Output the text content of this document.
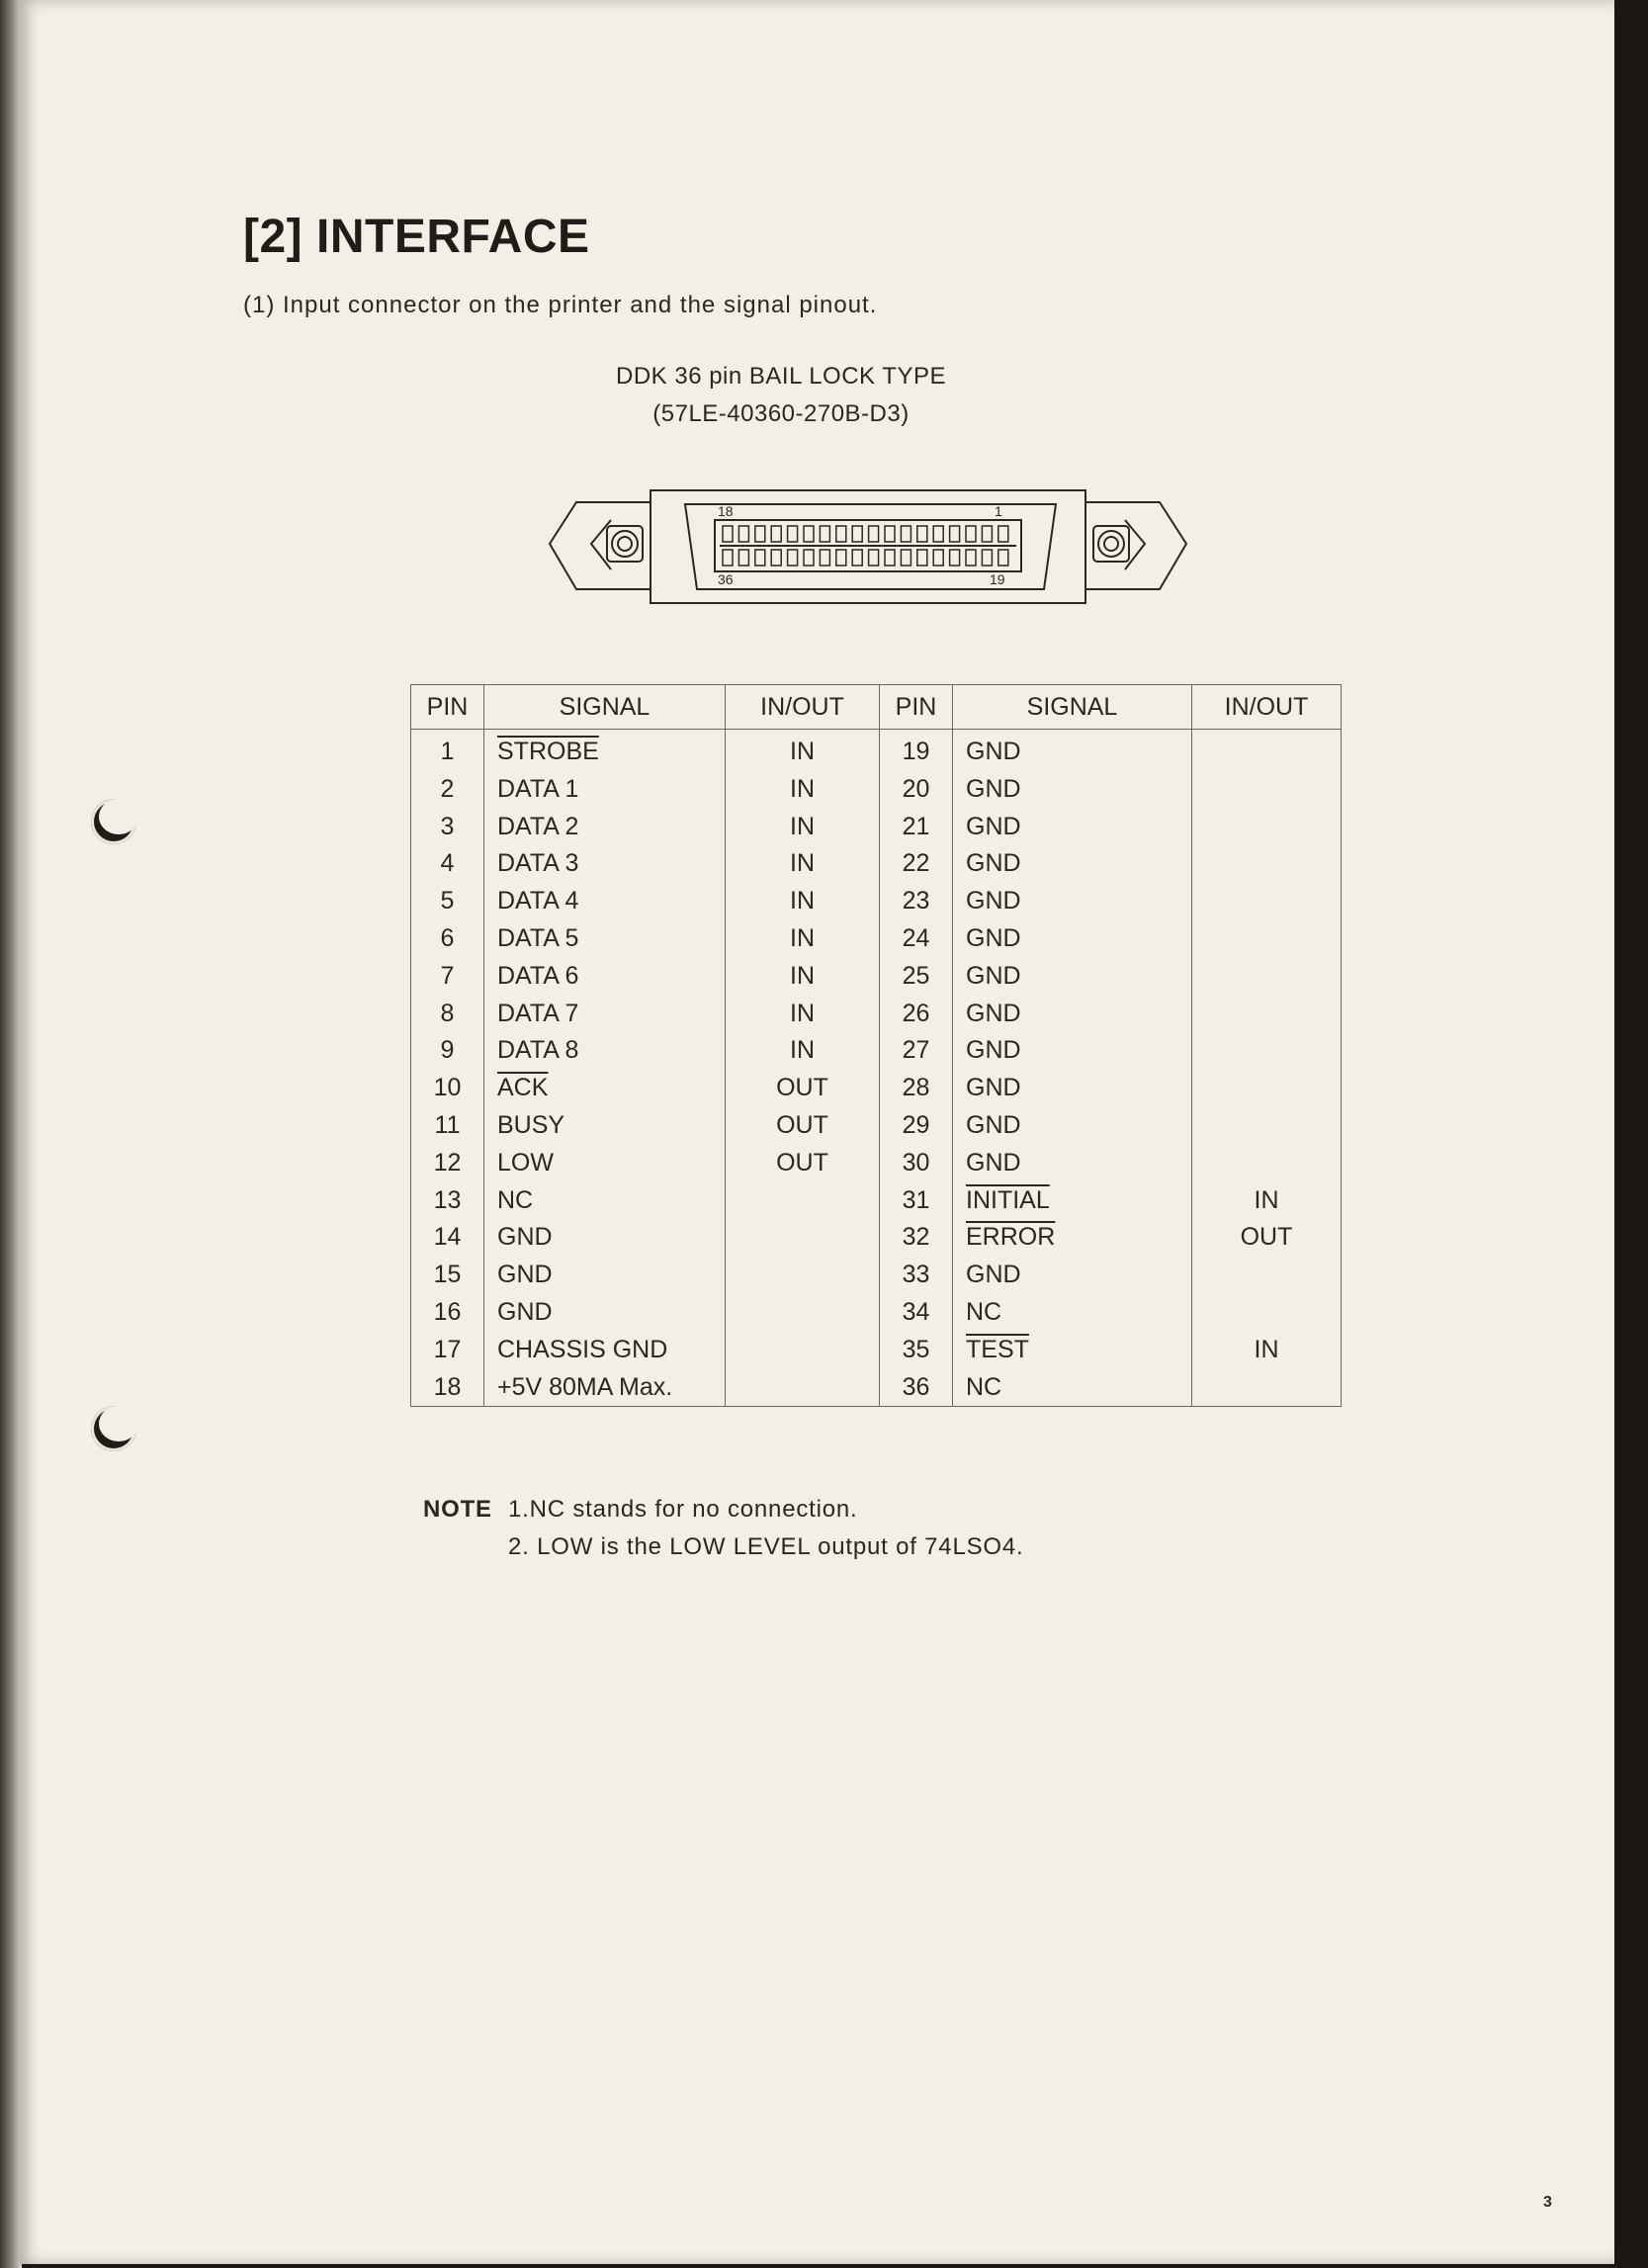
[2] INTERFACE
(1) Input connector on the printer and the signal pinout.
DDK 36 pin BAIL LOCK TYPE
(57LE-40360-270B-D3)
18	1
36	19
PIN	SIGNAL	IN/OUT	PIN	SIGNAL	IN/OUT
1	STROBE	IN	19	GND	
2	DATA 1	IN	20	GND	
3	DATA 2	IN	21	GND	
4	DATA 3	IN	22	GND	
5	DATA 4	IN	23	GND	
6	DATA 5	IN	24	GND	
7	DATA 6	IN	25	GND	
8	DATA 7	IN	26	GND	
9	DATA 8	IN	27	GND	
10	$\overline{ACK}$	OUT	28	GND	
11	BUSY	OUT	29	GND	
12	LOW	OUT	30	GND	
13	NC		31	INITIAL	IN
14	GND		32	ERROR	OUT
15	GND		33	GND	
16	GND		34	NC	
17	CHASSIS GND		35	TEST	IN
18	+5V 80MA Max.		36	NC	
NOTE 1.NC stands for no connection.
2. LOW is the LOW LEVEL output of 74LSO4.
3
